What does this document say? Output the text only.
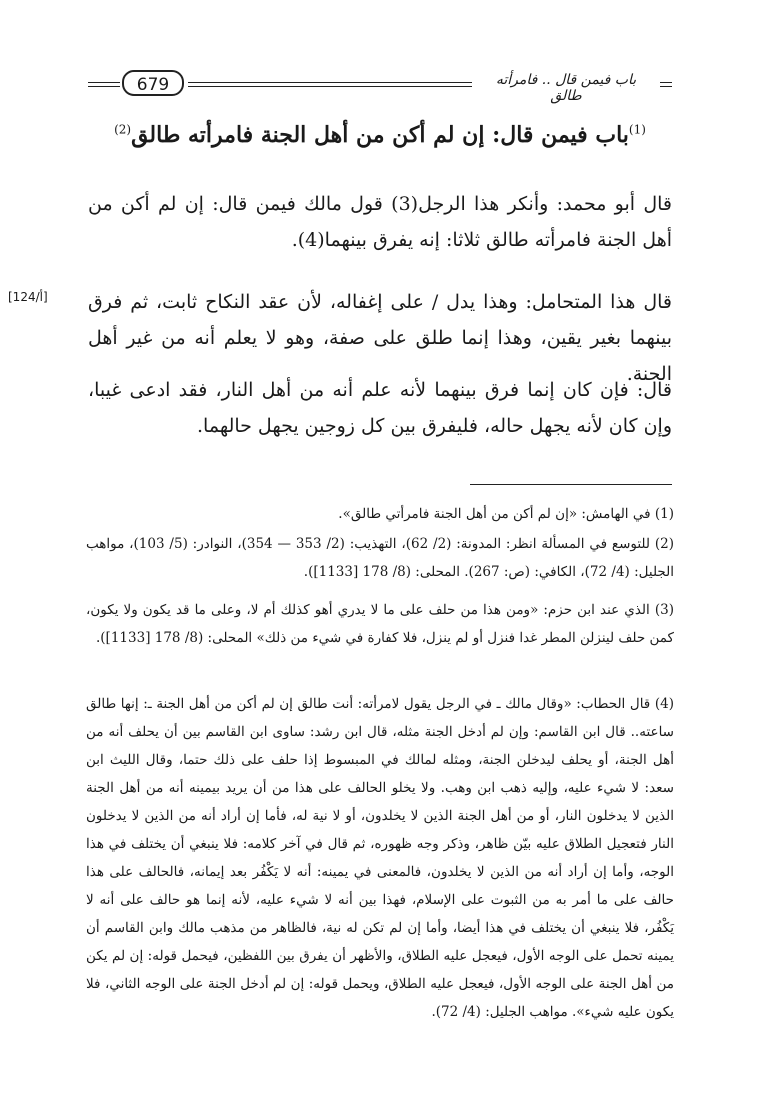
679	باب فيمن قال .. فامرأته طالق
$^{(1)}$باب فيمن قال: إن لم أكن من أهل الجنة فامرأته طالق$^{(2)}$
قال أبو محمد: وأنكر هذا الرجل(3) قول مالك فيمن قال: إن لم أكن من أهل الجنة فامرأته طالق ثلاثا: إنه يفرق بينهما(4).
قال هذا المتحامل: وهذا يدل / على إغفاله، لأن عقد النكاح ثابت، ثم فرق بينهما بغير يقين، وهذا إنما طلق على صفة، وهو لا يعلم أنه من غير أهل الجنة.
[124/أ]
قال: فإن كان إنما فرق بينهما لأنه علم أنه من أهل النار، فقد ادعى غيبا، وإن كان لأنه يجهل حاله، فليفرق بين كل زوجين يجهل حالهما.
(1) في الهامش: «إن لم أكن من أهل الجنة فامرأتي طالق».
(2) للتوسع في المسألة انظر: المدونة: (2/ 62)، التهذيب: (2/ 353 — 354)، النوادر: (5/ 103)، مواهب الجليل: (4/ 72)، الكافي: (ص: 267). المحلى: (8/ 178 [1133]).
(3) الذي عند ابن حزم: «ومن هذا من حلف على ما لا يدري أهو كذلك أم لا، وعلى ما قد يكون ولا يكون، كمن حلف لينزلن المطر غدا فنزل أو لم ينزل، فلا كفارة في شيء من ذلك» المحلى: (8/ 178 [1133]).
(4) قال الحطاب: «وقال مالك ـ في الرجل يقول لامرأته: أنت طالق إن لم أكن من أهل الجنة ـ: إنها طالق ساعته.. قال ابن القاسم: وإن لم أدخل الجنة مثله، قال ابن رشد: ساوى ابن القاسم بين أن يحلف أنه من أهل الجنة، أو يحلف ليدخلن الجنة، ومثله لمالك في المبسوط إذا حلف على ذلك حتما، وقال الليث ابن سعد: لا شيء عليه، وإليه ذهب ابن وهب. ولا يخلو الحالف على هذا من أن يريد بيمينه أنه من أهل الجنة الذين لا يدخلون النار، أو من أهل الجنة الذين لا يخلدون، أو لا نية له، فأما إن أراد أنه من الذين لا يدخلون النار فتعجيل الطلاق عليه بيّن ظاهر، وذكر وجه ظهوره، ثم قال في آخر كلامه: فلا ينبغي أن يختلف في هذا الوجه، وأما إن أراد أنه من الذين لا يخلدون، فالمعنى في يمينه: أنه لا يَكْفُر بعد إيمانه، فالحالف على هذا حالف على ما أمر به من الثبوت على الإسلام، فهذا بين أنه لا شيء عليه، لأنه إنما هو حالف على أنه لا يَكْفُر، فلا ينبغي أن يختلف في هذا أيضا، وأما إن لم تكن له نية، فالظاهر من مذهب مالك وابن القاسم أن يمينه تحمل على الوجه الأول، فيعجل عليه الطلاق، والأظهر أن يفرق بين اللفظين، فيحمل قوله: إن لم يكن من أهل الجنة على الوجه الأول، فيعجل عليه الطلاق، ويحمل قوله: إن لم أدخل الجنة على الوجه الثاني، فلا يكون عليه شيء». مواهب الجليل: (4/ 72).
